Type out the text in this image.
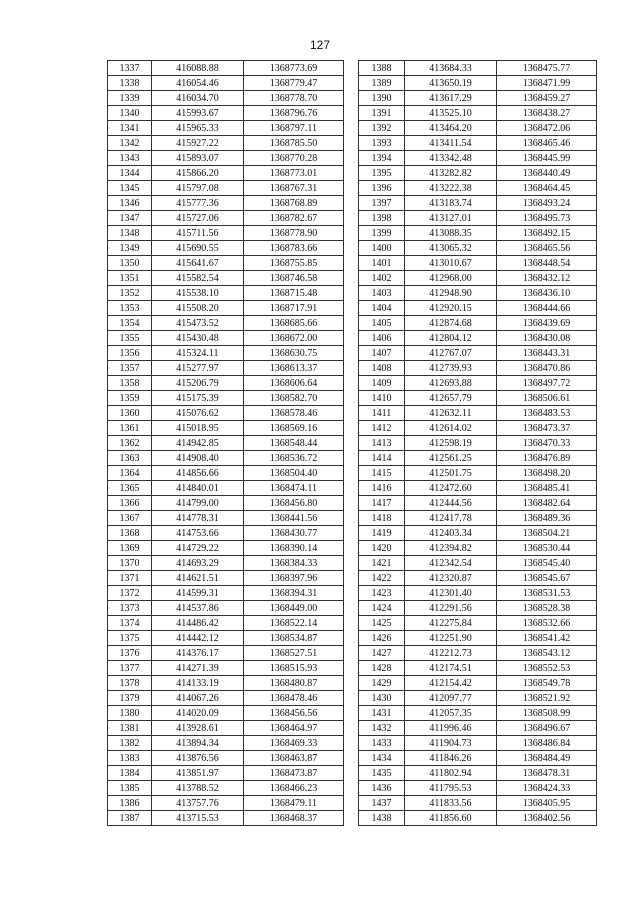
127
1337	416088.88	1368773.69
1338	416054.46	1368779.47
1339	416034.70	1368778.70
1340	415993.67	1368796.76
1341	415965.33	1368797.11
1342	415927.22	1368785.50
1343	415893.07	1368770.28
1344	415866.20	1368773.01
1345	415797.08	1368767.31
1346	415777.36	1368768.89
1347	415727.06	1368782.67
1348	415711.56	1368778.90
1349	415690.55	1368783.66
1350	415641.67	1368755.85
1351	415582.54	1368746.58
1352	415538.10	1368715.48
1353	415508.20	1368717.91
1354	415473.52	1368685.66
1355	415430.48	1368672.00
1356	415324.11	1368630.75
1357	415277.97	1368613.37
1358	415206.79	1368606.64
1359	415175.39	1368582.70
1360	415076.62	1368578.46
1361	415018.95	1368569.16
1362	414942.85	1368548.44
1363	414908.40	1368536.72
1364	414856.66	1368504.40
1365	414840.01	1368474.11
1366	414799.00	1368456.80
1367	414778.31	1368441.56
1368	414753.66	1368430.77
1369	414729.22	1368390.14
1370	414693.29	1368384.33
1371	414621.51	1368397.96
1372	414599.31	1368394.31
1373	414537.86	1368449.00
1374	414486.42	1368522.14
1375	414442.12	1368534.87
1376	414376.17	1368527.51
1377	414271.39	1368515.93
1378	414133.19	1368480.87
1379	414067.26	1368478.46
1380	414020.09	1368456.56
1381	413928.61	1368464.97
1382	413894.34	1368469.33
1383	413876.56	1368463.87
1384	413851.97	1368473.87
1385	413788.52	1368466.23
1386	413757.76	1368479.11
1387	413715.53	1368468.37
1388	413684.33	1368475.77
1389	413650.19	1368471.99
1390	413617.29	1368459.27
1391	413525.10	1368438.27
1392	413464.20	1368472.06
1393	413411.54	1368465.46
1394	413342.48	1368445.99
1395	413282.82	1368440.49
1396	413222.38	1368464.45
1397	413183.74	1368493.24
1398	413127.01	1368495.73
1399	413088.35	1368492.15
1400	413065.32	1368465.56
1401	413010.67	1368448.54
1402	412968.00	1368432.12
1403	412948.90	1368436.10
1404	412920.15	1368444.66
1405	412874.68	1368439.69
1406	412804.12	1368430.08
1407	412767.07	1368443.31
1408	412739.93	1368470.86
1409	412693.88	1368497.72
1410	412657.79	1368506.61
1411	412632.11	1368483.53
1412	412614.02	1368473.37
1413	412598.19	1368470.33
1414	412561.25	1368476.89
1415	412501.75	1368498.20
1416	412472.60	1368485.41
1417	412444.56	1368482.64
1418	412417.78	1368489.36
1419	412403.34	1368504.21
1420	412394.82	1368530.44
1421	412342.54	1368545.40
1422	412320.87	1368545.67
1423	412301.40	1368531.53
1424	412291.56	1368528.38
1425	412275.84	1368532.66
1426	412251.90	1368541.42
1427	412212.73	1368543.12
1428	412174.51	1368552.53
1429	412154.42	1368549.78
1430	412097.77	1368521.92
1431	412057.35	1368508.99
1432	411996.46	1368496.67
1433	411904.73	1368486.84
1434	411846.26	1368484.49
1435	411802.94	1368478.31
1436	411795.53	1368424.33
1437	411833.56	1368405.95
1438	411856.60	1368402.56
